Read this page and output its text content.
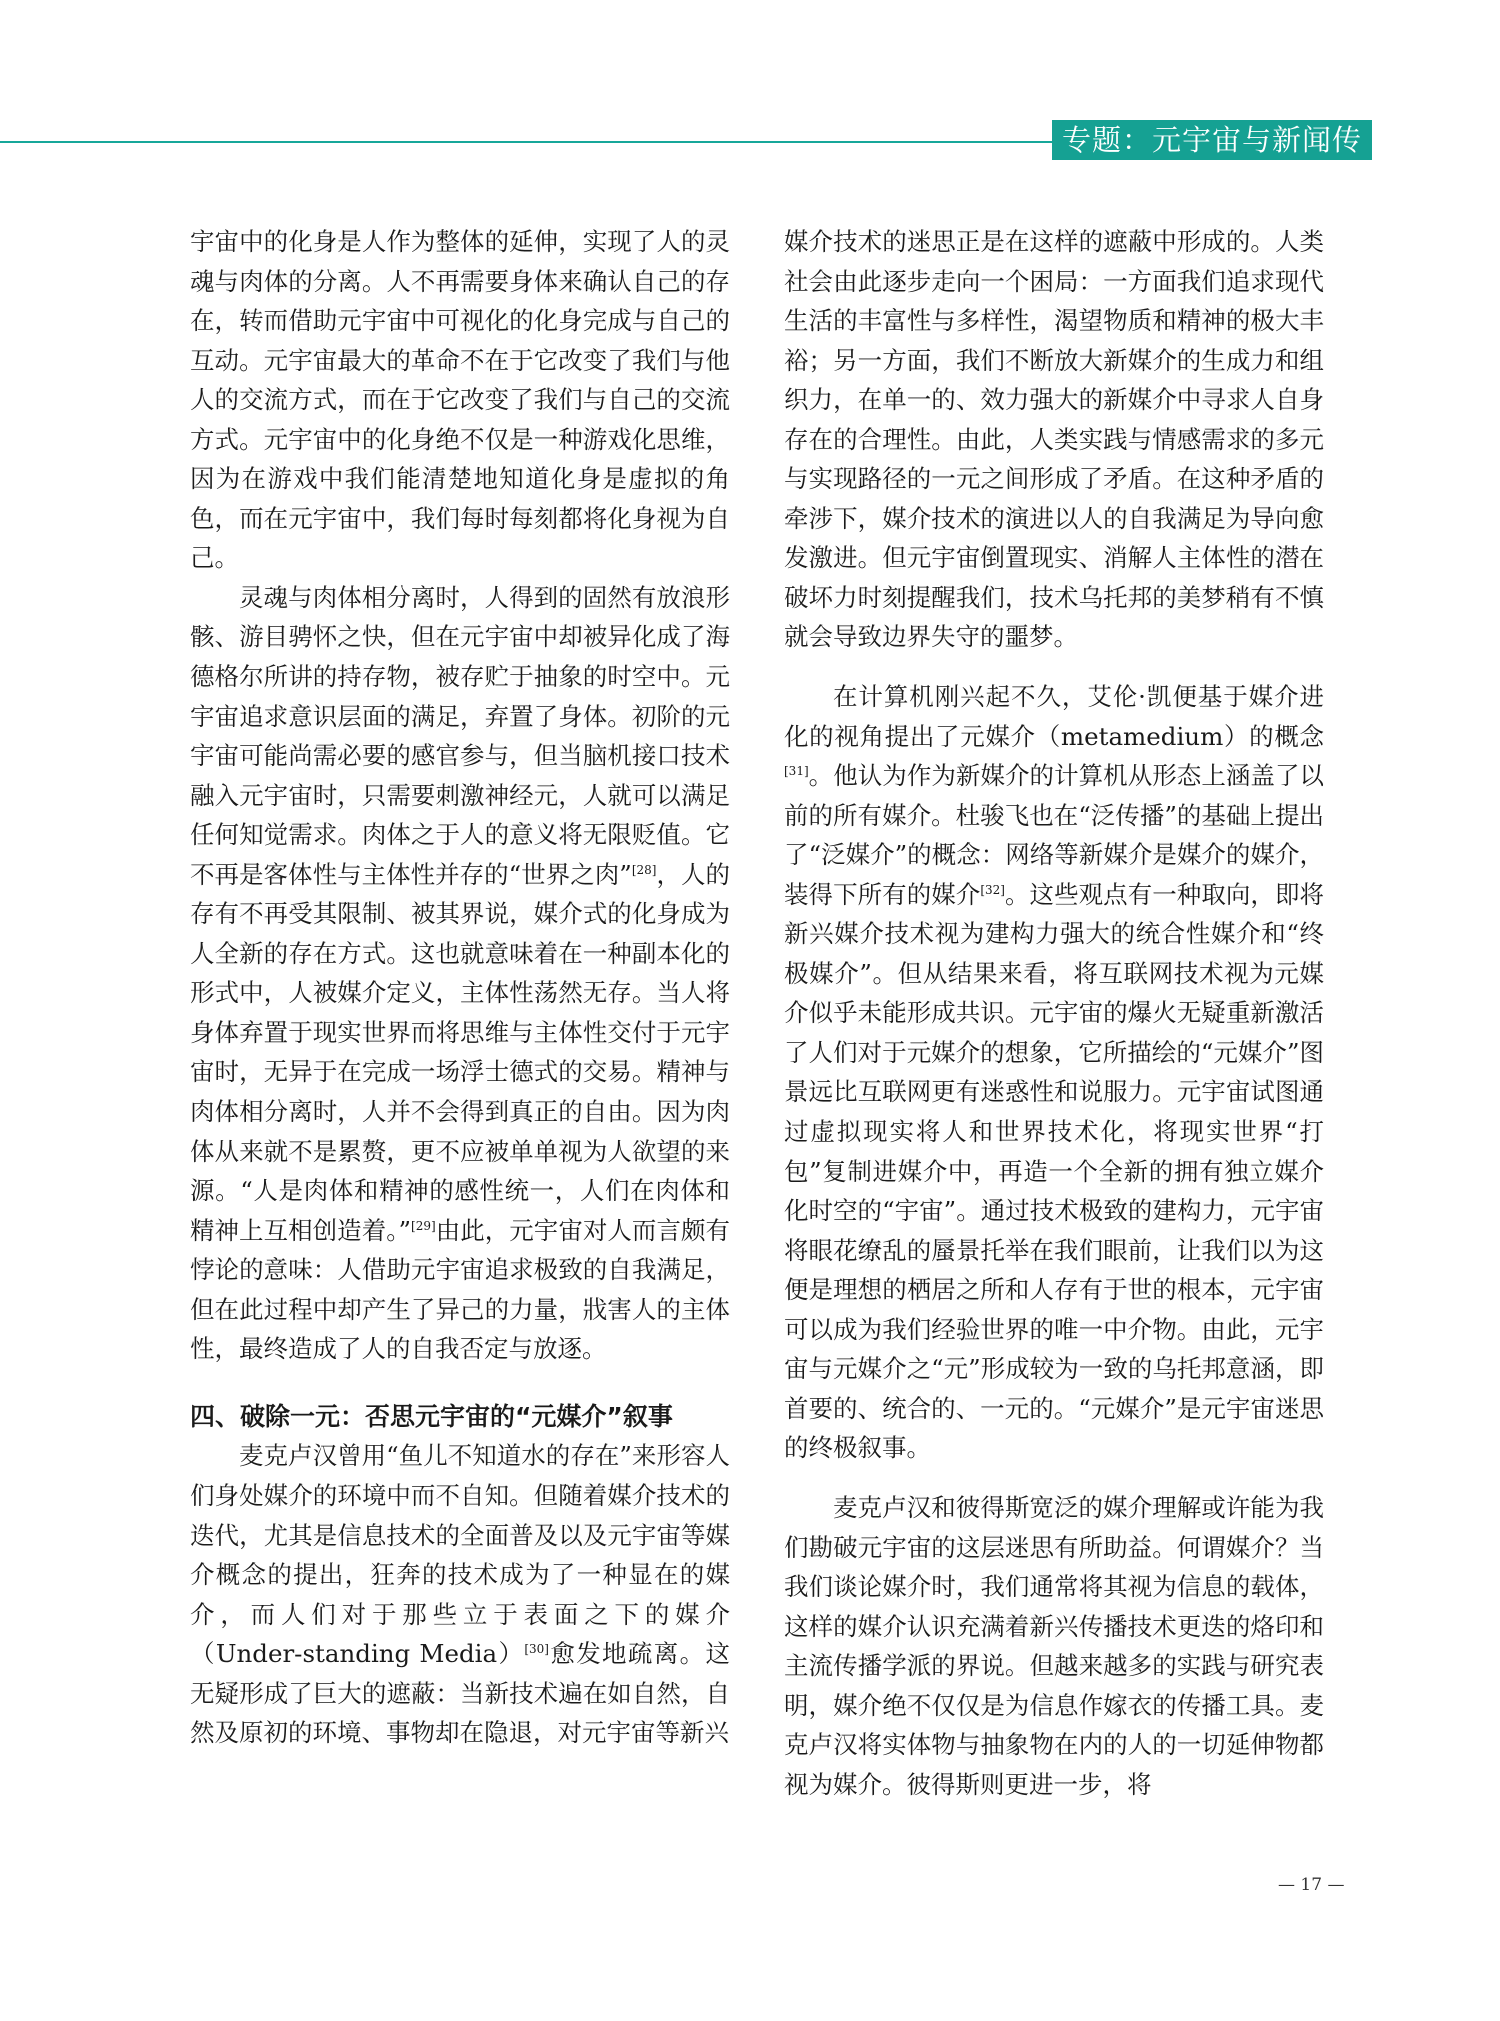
专题：元宇宙与新闻传播

宇宙中的化身是人作为整体的延伸，实现了人的灵魂与肉体的分离。人不再需要身体来确认自己的存在，转而借助元宇宙中可视化的化身完成与自己的互动。元宇宙最大的革命不在于它改变了我们与他人的交流方式，而在于它改变了我们与自己的交流方式。元宇宙中的化身绝不仅是一种游戏化思维，因为在游戏中我们能清楚地知道化身是虚拟的角色，而在元宇宙中，我们每时每刻都将化身视为自己。

灵魂与肉体相分离时，人得到的固然有放浪形骸、游目骋怀之快，但在元宇宙中却被异化成了海德格尔所讲的持存物，被存贮于抽象的时空中。元宇宙追求意识层面的满足，弃置了身体。初阶的元宇宙可能尚需必要的感官参与，但当脑机接口技术融入元宇宙时，只需要刺激神经元，人就可以满足任何知觉需求。肉体之于人的意义将无限贬值。它不再是客体性与主体性并存的“世界之肉”[28]，人的存有不再受其限制、被其界说，媒介式的化身成为人全新的存在方式。这也就意味着在一种副本化的形式中，人被媒介定义，主体性荡然无存。当人将身体弃置于现实世界而将思维与主体性交付于元宇宙时，无异于在完成一场浮士德式的交易。精神与肉体相分离时，人并不会得到真正的自由。因为肉体从来就不是累赘，更不应被单单视为人欲望的来源。“人是肉体和精神的感性统一，人们在肉体和精神上互相创造着。”[29]由此，元宇宙对人而言颇有悖论的意味：人借助元宇宙追求极致的自我满足，但在此过程中却产生了异己的力量，戕害人的主体性，最终造成了人的自我否定与放逐。

四、破除一元：否思元宇宙的“元媒介”叙事

麦克卢汉曾用“鱼儿不知道水的存在”来形容人们身处媒介的环境中而不自知。但随着媒介技术的迭代，尤其是信息技术的全面普及以及元宇宙等媒介概念的提出，狂奔的技术成为了一种显在的媒介，而人们对于那些立于表面之下的媒介（Under-standing Media）[30]愈发地疏离。这无疑形成了巨大的遮蔽：当新技术遍在如自然，自然及原初的环境、事物却在隐退，对元宇宙等新兴

媒介技术的迷思正是在这样的遮蔽中形成的。人类社会由此逐步走向一个困局：一方面我们追求现代生活的丰富性与多样性，渴望物质和精神的极大丰裕；另一方面，我们不断放大新媒介的生成力和组织力，在单一的、效力强大的新媒介中寻求人自身存在的合理性。由此，人类实践与情感需求的多元与实现路径的一元之间形成了矛盾。在这种矛盾的牵涉下，媒介技术的演进以人的自我满足为导向愈发激进。但元宇宙倒置现实、消解人主体性的潜在破坏力时刻提醒我们，技术乌托邦的美梦稍有不慎就会导致边界失守的噩梦。

在计算机刚兴起不久，艾伦·凯便基于媒介进化的视角提出了元媒介（metamedium）的概念[31]。他认为作为新媒介的计算机从形态上涵盖了以前的所有媒介。杜骏飞也在“泛传播”的基础上提出了“泛媒介”的概念：网络等新媒介是媒介的媒介，装得下所有的媒介[32]。这些观点有一种取向，即将新兴媒介技术视为建构力强大的统合性媒介和“终极媒介”。但从结果来看，将互联网技术视为元媒介似乎未能形成共识。元宇宙的爆火无疑重新激活了人们对于元媒介的想象，它所描绘的“元媒介”图景远比互联网更有迷惑性和说服力。元宇宙试图通过虚拟现实将人和世界技术化，将现实世界“打包”复制进媒介中，再造一个全新的拥有独立媒介化时空的“宇宙”。通过技术极致的建构力，元宇宙将眼花缭乱的蜃景托举在我们眼前，让我们以为这便是理想的栖居之所和人存有于世的根本，元宇宙可以成为我们经验世界的唯一中介物。由此，元宇宙与元媒介之“元”形成较为一致的乌托邦意涵，即首要的、统合的、一元的。“元媒介”是元宇宙迷思的终极叙事。

麦克卢汉和彼得斯宽泛的媒介理解或许能为我们勘破元宇宙的这层迷思有所助益。何谓媒介？当我们谈论媒介时，我们通常将其视为信息的载体，这样的媒介认识充满着新兴传播技术更迭的烙印和主流传播学派的界说。但越来越多的实践与研究表明，媒介绝不仅仅是为信息作嫁衣的传播工具。麦克卢汉将实体物与抽象物在内的人的一切延伸物都视为媒介。彼得斯则更进一步，将

— 17 —
